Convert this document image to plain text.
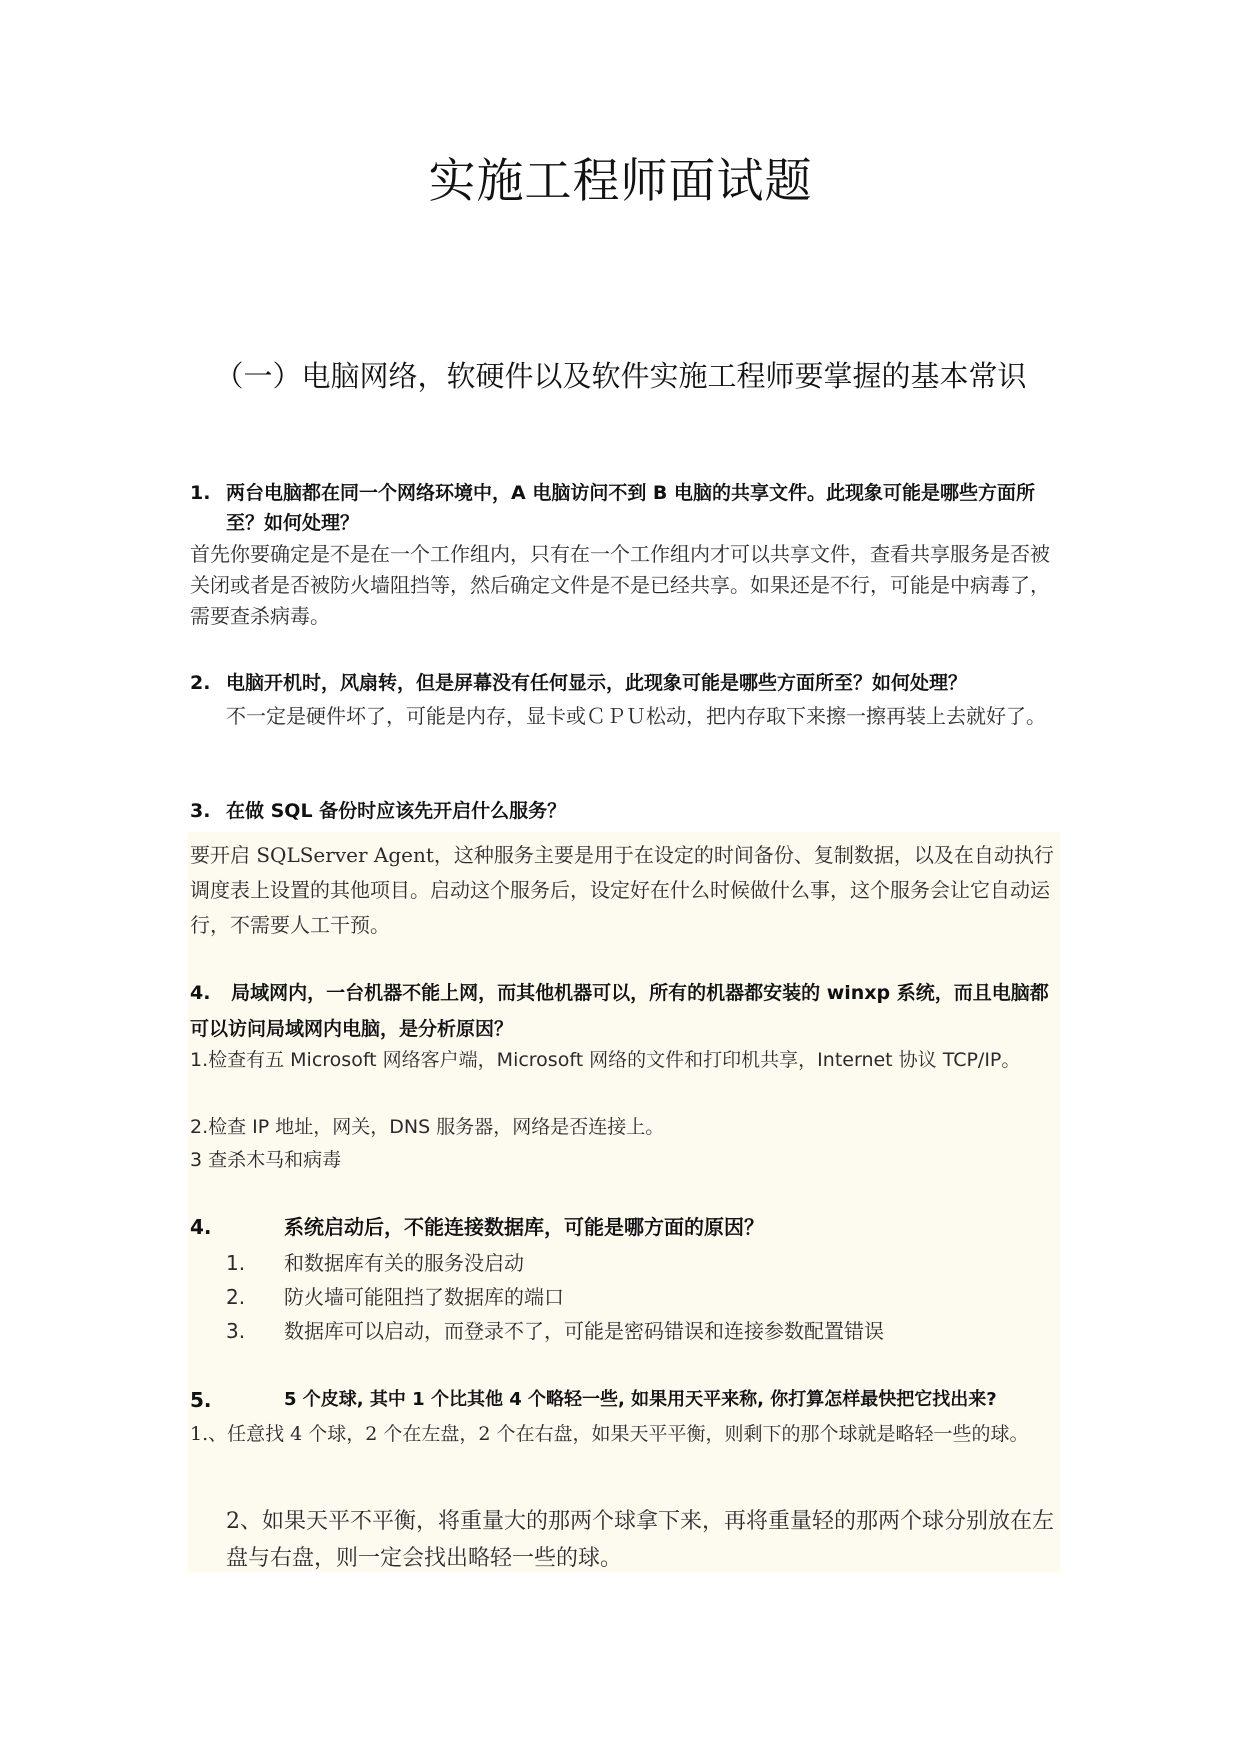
实施工程师面试题
（一）电脑网络，软硬件以及软件实施工程师要掌握的基本常识
1. 两台电脑都在同一个网络环境中，A 电脑访问不到 B 电脑的共享文件。此现象可能是哪些方面所至？如何处理？
首先你要确定是不是在一个工作组内，只有在一个工作组内才可以共享文件，查看共享服务是否被关闭或者是否被防火墙阻挡等，然后确定文件是不是已经共享。如果还是不行，可能是中病毒了，需要查杀病毒。
2. 电脑开机时，风扇转，但是屏幕没有任何显示，此现象可能是哪些方面所至？如何处理？
不一定是硬件坏了，可能是内存，显卡或ＣＰＵ松动，把内存取下来擦一擦再装上去就好了。
3. 在做 SQL 备份时应该先开启什么服务？
要开启 SQLServer Agent，这种服务主要是用于在设定的时间备份、复制数据，以及在自动执行调度表上设置的其他项目。启动这个服务后，设定好在什么时候做什么事，这个服务会让它自动运行，不需要人工干预。
4. 局域网内，一台机器不能上网，而其他机器可以，所有的机器都安装的 winxp 系统，而且电脑都可以访问局域网内电脑，是分析原因？
1.检查有五 Microsoft 网络客户端，Microsoft 网络的文件和打印机共享，Internet 协议 TCP/IP。
2.检查 IP 地址，网关，DNS 服务器，网络是否连接上。
3 查杀木马和病毒
4.	系统启动后，不能连接数据库，可能是哪方面的原因？
1. 和数据库有关的服务没启动
2. 防火墙可能阻挡了数据库的端口
3. 数据库可以启动，而登录不了，可能是密码错误和连接参数配置错误
5.	5 个皮球, 其中 1 个比其他 4 个略轻一些, 如果用天平来称, 你打算怎样最快把它找出来?
1.、任意找 4 个球，2 个在左盘，2 个在右盘，如果天平平衡，则剩下的那个球就是略轻一些的球。
2、如果天平不平衡，将重量大的那两个球拿下来，再将重量轻的那两个球分别放在左盘与右盘，则一定会找出略轻一些的球。
